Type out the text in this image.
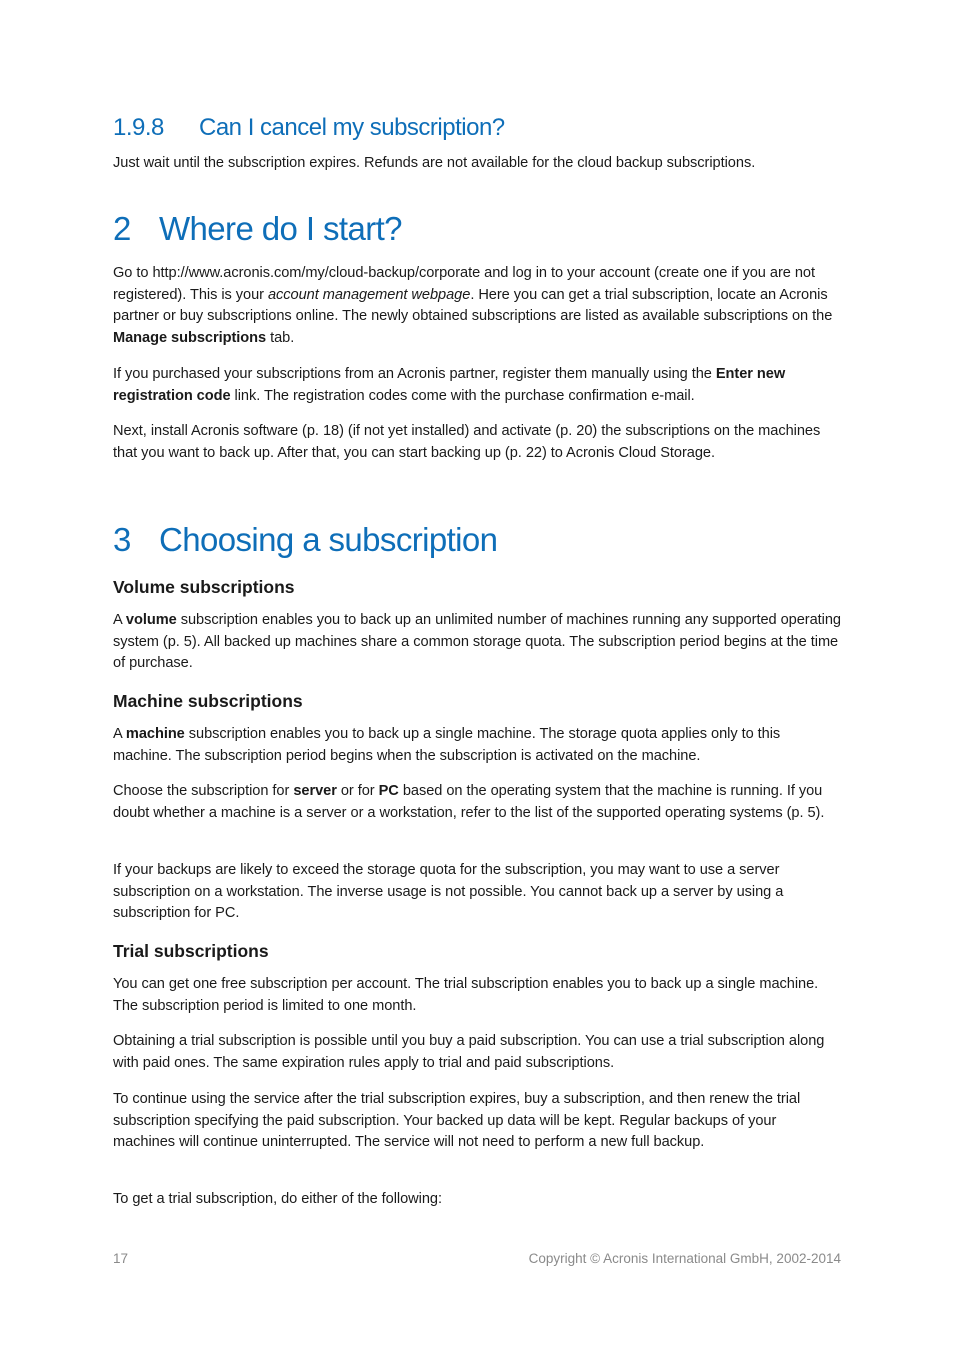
1.9.8 Can I cancel my subscription?

Just wait until the subscription expires. Refunds are not available for the cloud backup subscriptions.

2 Where do I start?

Go to http://www.acronis.com/my/cloud-backup/corporate and log in to your account (create one if you are not registered). This is your account management webpage. Here you can get a trial subscription, locate an Acronis partner or buy subscriptions online. The newly obtained subscriptions are listed as available subscriptions on the Manage subscriptions tab.

If you purchased your subscriptions from an Acronis partner, register them manually using the Enter new registration code link. The registration codes come with the purchase confirmation e-mail.

Next, install Acronis software (p. 18) (if not yet installed) and activate (p. 20) the subscriptions on the machines that you want to back up. After that, you can start backing up (p. 22) to Acronis Cloud Storage.

3 Choosing a subscription
Volume subscriptions

A volume subscription enables you to back up an unlimited number of machines running any supported operating system (p. 5). All backed up machines share a common storage quota. The subscription period begins at the time of purchase.

Machine subscriptions

A machine subscription enables you to back up a single machine. The storage quota applies only to this machine. The subscription period begins when the subscription is activated on the machine.

Choose the subscription for server or for PC based on the operating system that the machine is running. If you doubt whether a machine is a server or a workstation, refer to the list of the supported operating systems (p. 5).

If your backups are likely to exceed the storage quota for the subscription, you may want to use a server subscription on a workstation. The inverse usage is not possible. You cannot back up a server by using a subscription for PC.

Trial subscriptions

You can get one free subscription per account. The trial subscription enables you to back up a single machine. The subscription period is limited to one month.

Obtaining a trial subscription is possible until you buy a paid subscription. You can use a trial subscription along with paid ones. The same expiration rules apply to trial and paid subscriptions.

To continue using the service after the trial subscription expires, buy a subscription, and then renew the trial subscription specifying the paid subscription. Your backed up data will be kept. Regular backups of your machines will continue uninterrupted. The service will not need to perform a new full backup.

To get a trial subscription, do either of the following:

17	Copyright © Acronis International GmbH, 2002-2014
